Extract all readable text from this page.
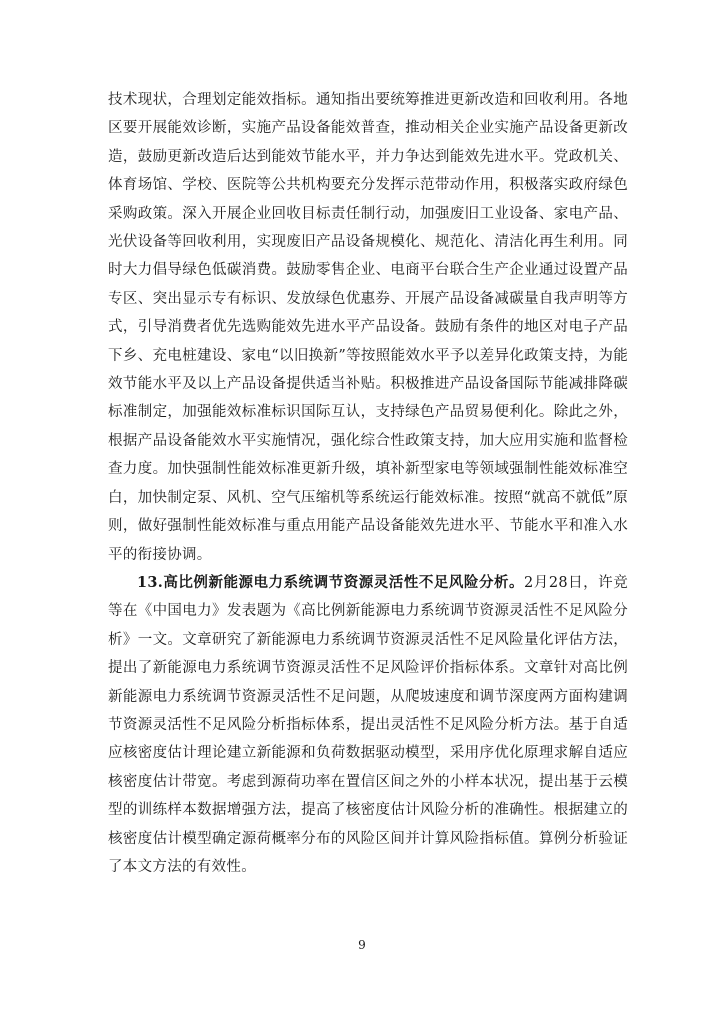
技术现状，合理划定能效指标。通知指出要统筹推进更新改造和回收利用。各地区要开展能效诊断，实施产品设备能效普查，推动相关企业实施产品设备更新改造，鼓励更新改造后达到能效节能水平，并力争达到能效先进水平。党政机关、体育场馆、学校、医院等公共机构要充分发挥示范带动作用，积极落实政府绿色采购政策。深入开展企业回收目标责任制行动，加强废旧工业设备、家电产品、光伏设备等回收利用，实现废旧产品设备规模化、规范化、清洁化再生利用。同时大力倡导绿色低碳消费。鼓励零售企业、电商平台联合生产企业通过设置产品专区、突出显示专有标识、发放绿色优惠券、开展产品设备减碳量自我声明等方式，引导消费者优先选购能效先进水平产品设备。鼓励有条件的地区对电子产品下乡、充电桩建设、家电“以旧换新”等按照能效水平予以差异化政策支持，为能效节能水平及以上产品设备提供适当补贴。积极推进产品设备国际节能减排降碳标准制定，加强能效标准标识国际互认，支持绿色产品贸易便利化。除此之外，根据产品设备能效水平实施情况，强化综合性政策支持，加大应用实施和监督检查力度。加快强制性能效标准更新升级，填补新型家电等领域强制性能效标准空白，加快制定泵、风机、空气压缩机等系统运行能效标准。按照“就高不就低”原则，做好强制性能效标准与重点用能产品设备能效先进水平、节能水平和准入水平的衔接协调。

13.高比例新能源电力系统调节资源灵活性不足风险分析。2月28日，许竞等在《中国电力》发表题为《高比例新能源电力系统调节资源灵活性不足风险分析》一文。文章研究了新能源电力系统调节资源灵活性不足风险量化评估方法，提出了新能源电力系统调节资源灵活性不足风险评价指标体系。文章针对高比例新能源电力系统调节资源灵活性不足问题，从爬坡速度和调节深度两方面构建调节资源灵活性不足风险分析指标体系，提出灵活性不足风险分析方法。基于自适应核密度估计理论建立新能源和负荷数据驱动模型，采用序优化原理求解自适应核密度估计带宽。考虑到源荷功率在置信区间之外的小样本状况，提出基于云模型的训练样本数据增强方法，提高了核密度估计风险分析的准确性。根据建立的核密度估计模型确定源荷概率分布的风险区间并计算风险指标值。算例分析验证了本文方法的有效性。

9
